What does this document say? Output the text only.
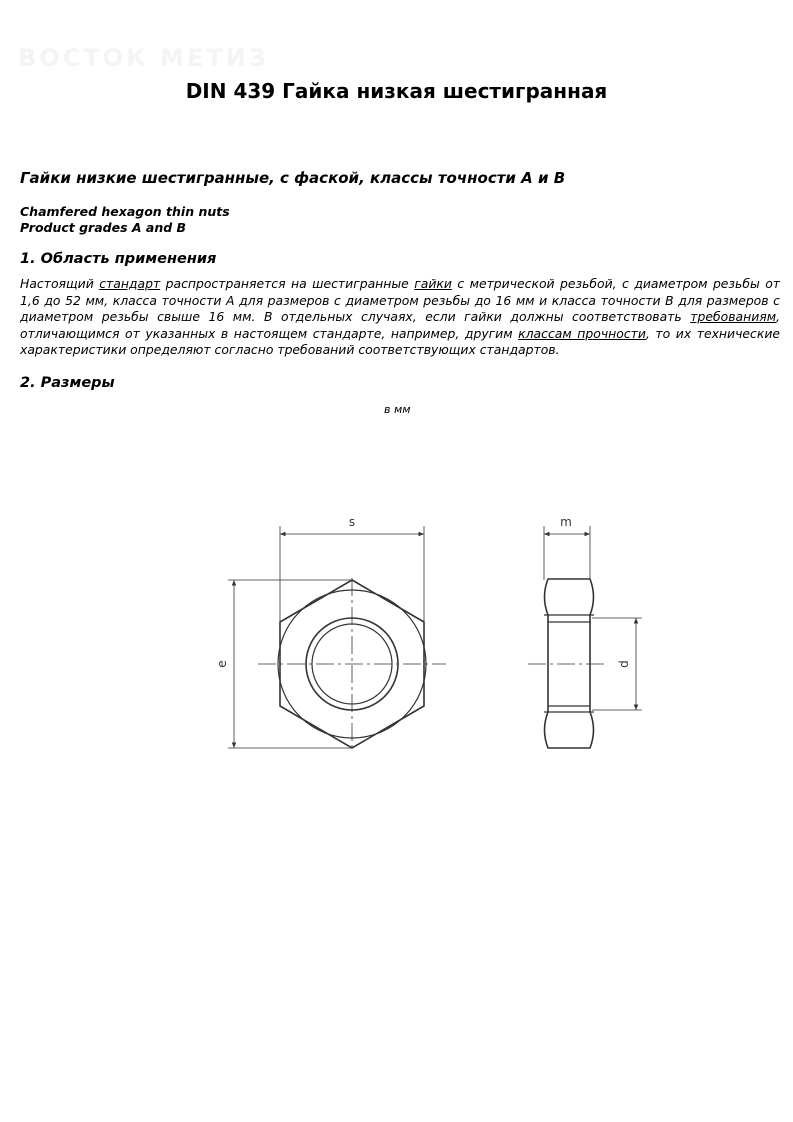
ВОСТОК МЕТИЗ
DIN 439 Гайка низкая шестигранная
Гайки низкие шестигранные, с фаской, классы точности А и В
Chamfered hexagon thin nuts
Product grades A and B
1. Область применения
Настоящий стандарт распространяется на шестигранные гайки с метрической резьбой, с диаметром резьбы от 1,6 до 52 мм, класса точности А для размеров с диаметром резьбы до 16 мм и класса точности В для размеров с диаметром резьбы свыше 16 мм. В отдельных случаях, если гайки должны соответствовать требованиям, отличающимся от указанных в настоящем стандарте, например, другим классам прочности, то их технические характеристики определяют согласно требований соответствующих стандартов.
2. Размеры
в мм
s
e
m
d
